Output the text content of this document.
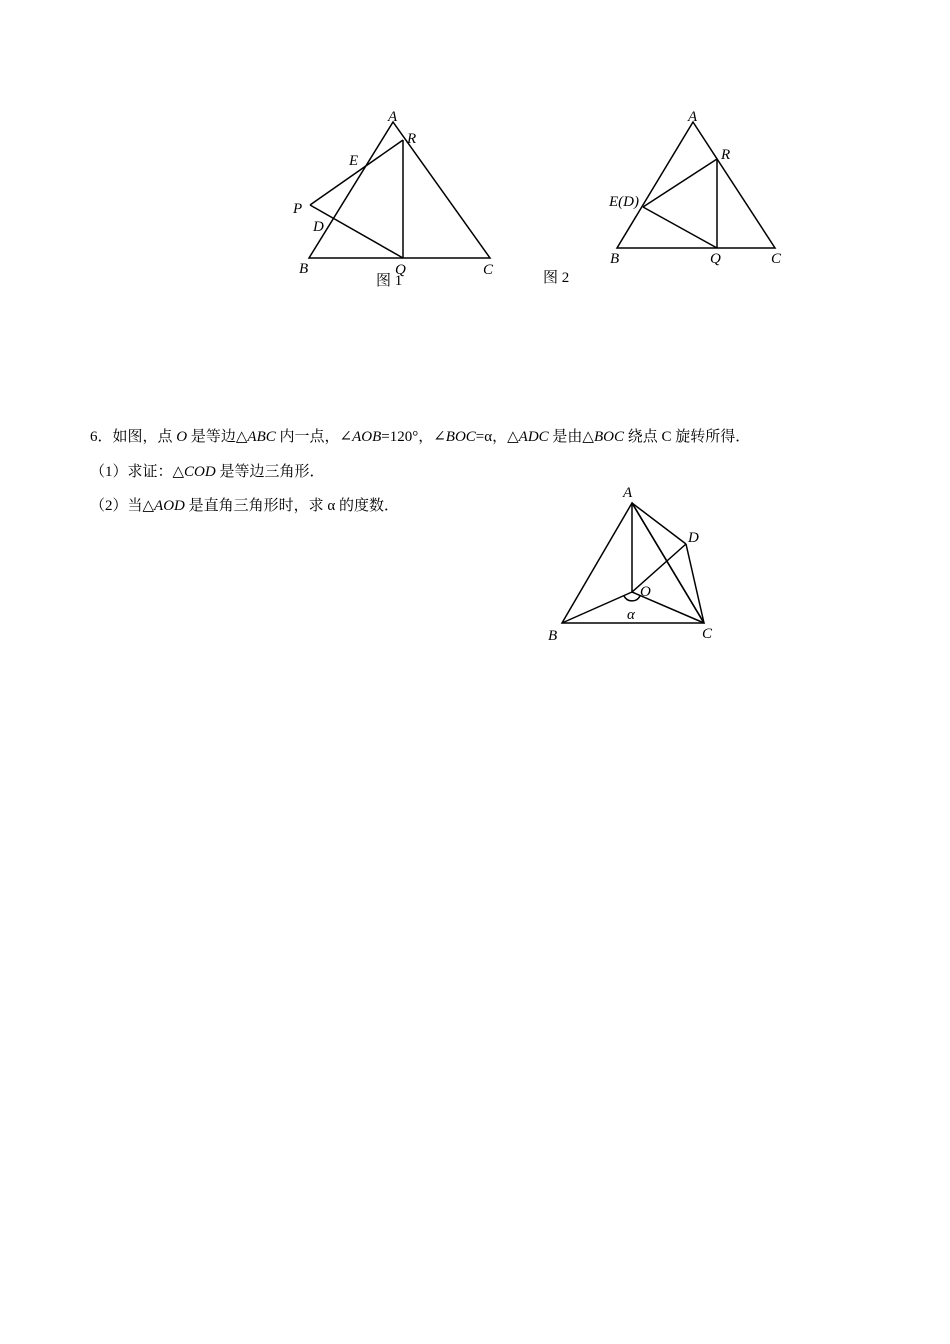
A
R
E
P
D
B	Q	C
图 1
A
R
E(D)
B	Q	C
图 2
6．如图，点 O 是等边△ABC 内一点，∠AOB=120°，∠BOC=α，△ADC 是由△BOC 绕点 C 旋转所得．
（1）求证：△COD 是等边三角形．
（2）当△AOD 是直角三角形时，求 α 的度数．
A
D
O
α
B	C
